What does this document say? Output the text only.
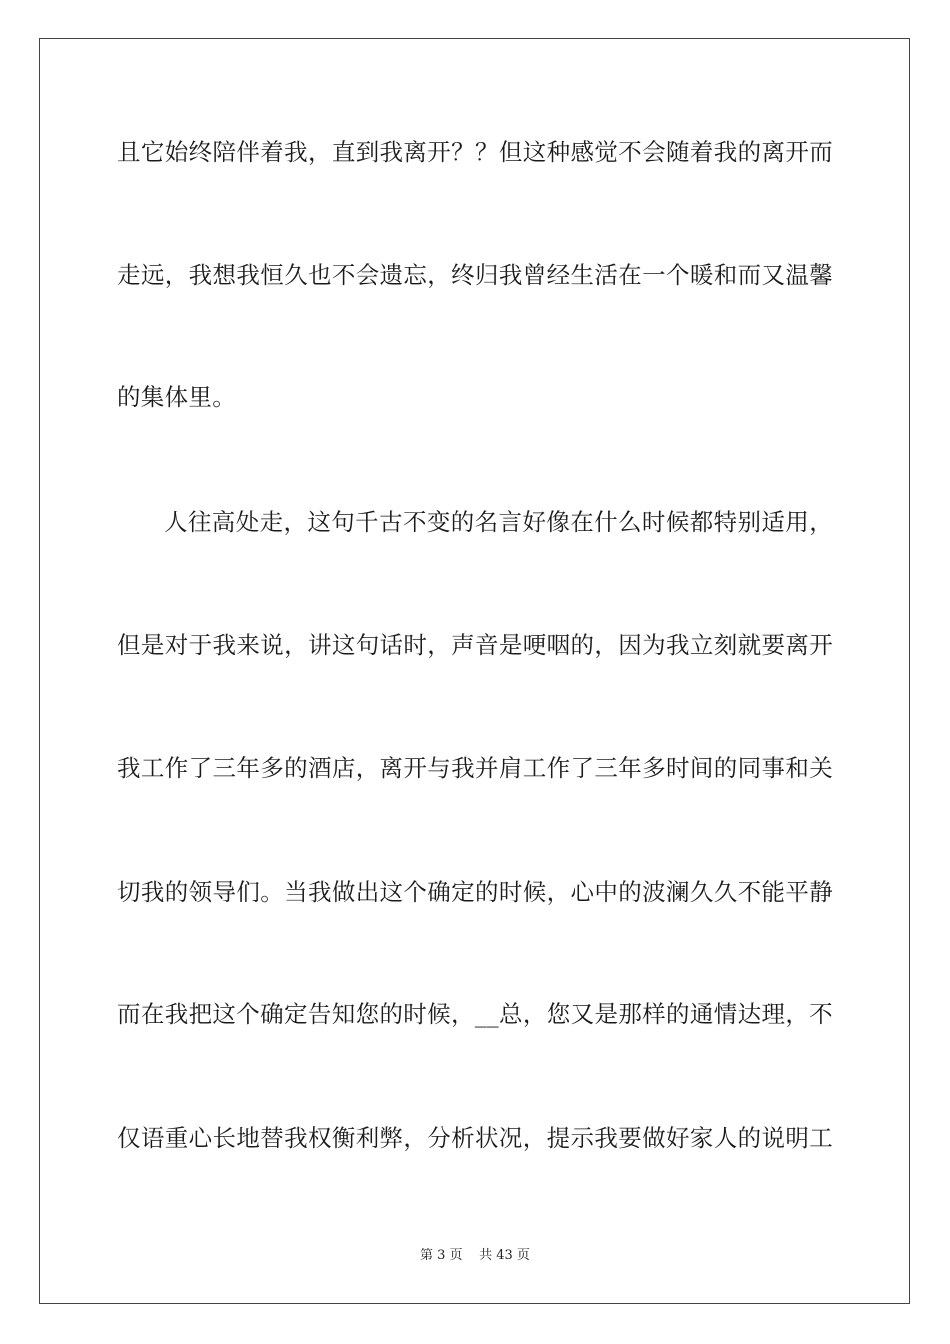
且它始终陪伴着我，直到我离开？？但这种感觉不会随着我的离开而
走远，我想我恒久也不会遗忘，终归我曾经生活在一个暖和而又温馨
的集体里。
人往高处走，这句千古不变的名言好像在什么时候都特别适用，
但是对于我来说，讲这句话时，声音是哽咽的，因为我立刻就要离开
我工作了三年多的酒店，离开与我并肩工作了三年多时间的同事和关
切我的领导们。当我做出这个确定的时候，心中的波澜久久不能平静
而在我把这个确定告知您的时候，__总，您又是那样的通情达理，不
仅语重心长地替我权衡利弊，分析状况，提示我要做好家人的说明工
第 3 页 共 43 页
